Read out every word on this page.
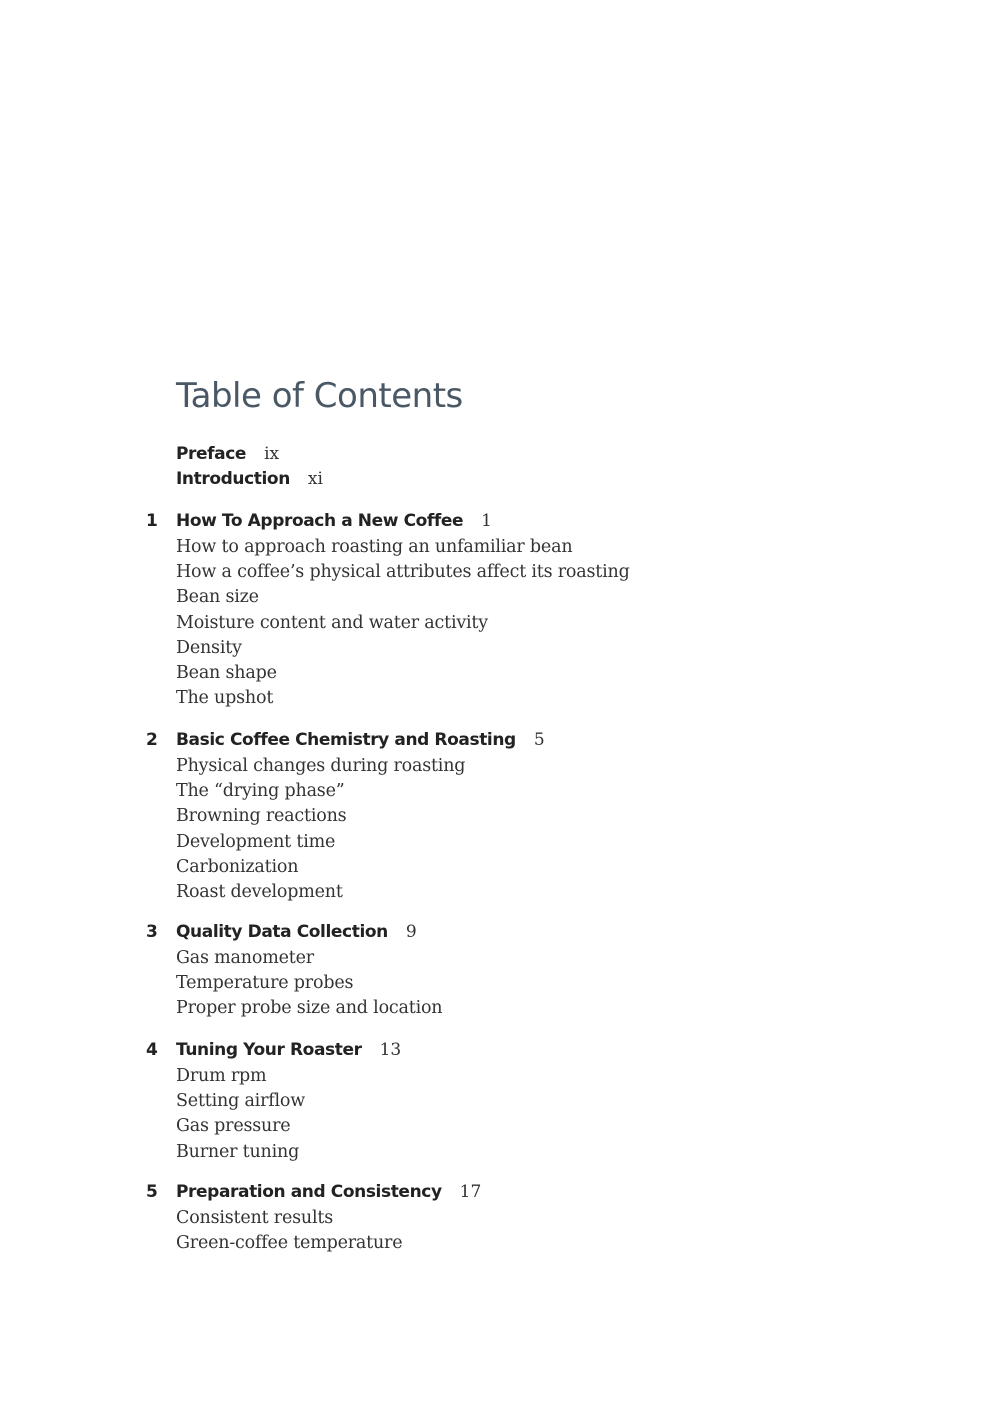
Table of Contents
Preface ix
Introduction xi
1 How To Approach a New Coffee 1
How to approach roasting an unfamiliar bean
How a coffee’s physical attributes affect its roasting
Bean size
Moisture content and water activity
Density
Bean shape
The upshot
2 Basic Coffee Chemistry and Roasting 5
Physical changes during roasting
The “drying phase”
Browning reactions
Development time
Carbonization
Roast development
3 Quality Data Collection 9
Gas manometer
Temperature probes
Proper probe size and location
4 Tuning Your Roaster 13
Drum rpm
Setting airflow
Gas pressure
Burner tuning
5 Preparation and Consistency 17
Consistent results
Green-coffee temperature
